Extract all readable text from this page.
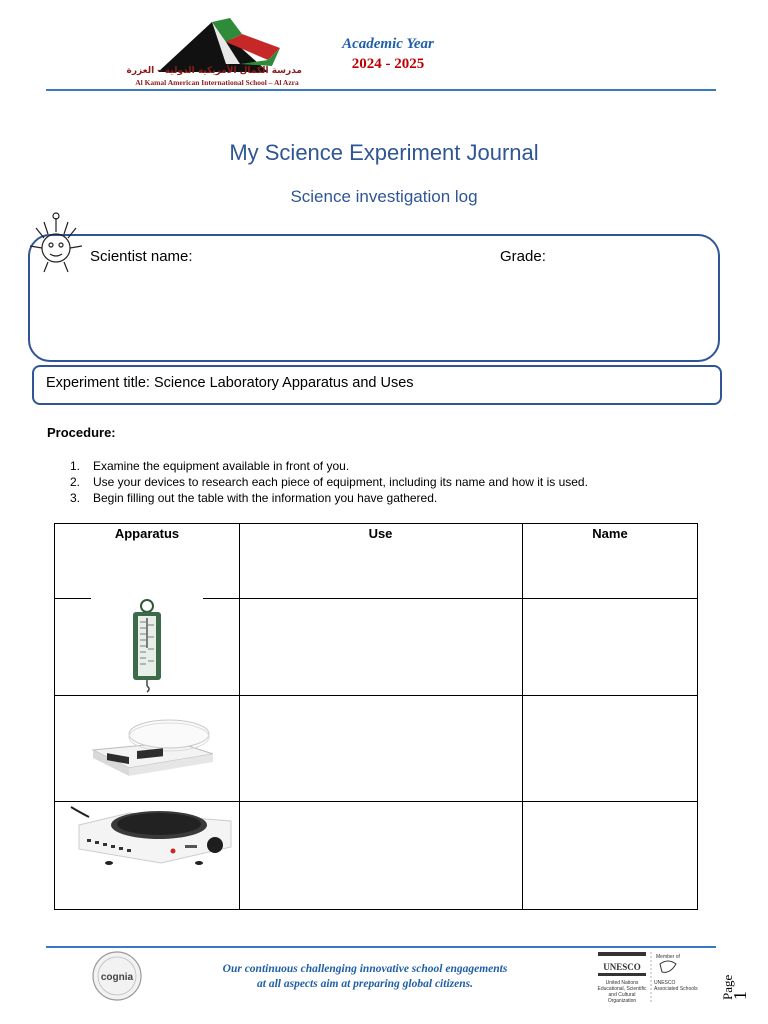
مدرسة الكمال الأمريكية الدولية – العزرة
Al Kamal American International School – Al Azra
Academic Year
2024 - 2025
My Science Experiment Journal
Science investigation log
Scientist name:	Grade:
Experiment title: Science Laboratory Apparatus and Uses
Procedure:
1.	Examine the equipment available in front of you.
2.	Use your devices to research each piece of equipment, including its name and how it is used.
3.	Begin filling out the table with the information you have gathered.
Apparatus	Use	Name
cognia
Our continuous challenging innovative school engagements
at all aspects aim at preparing global citizens.
UNESCO
Member of
United Nations Educational, Scientific and Cultural Organization
UNESCO Associated Schools Page
1
